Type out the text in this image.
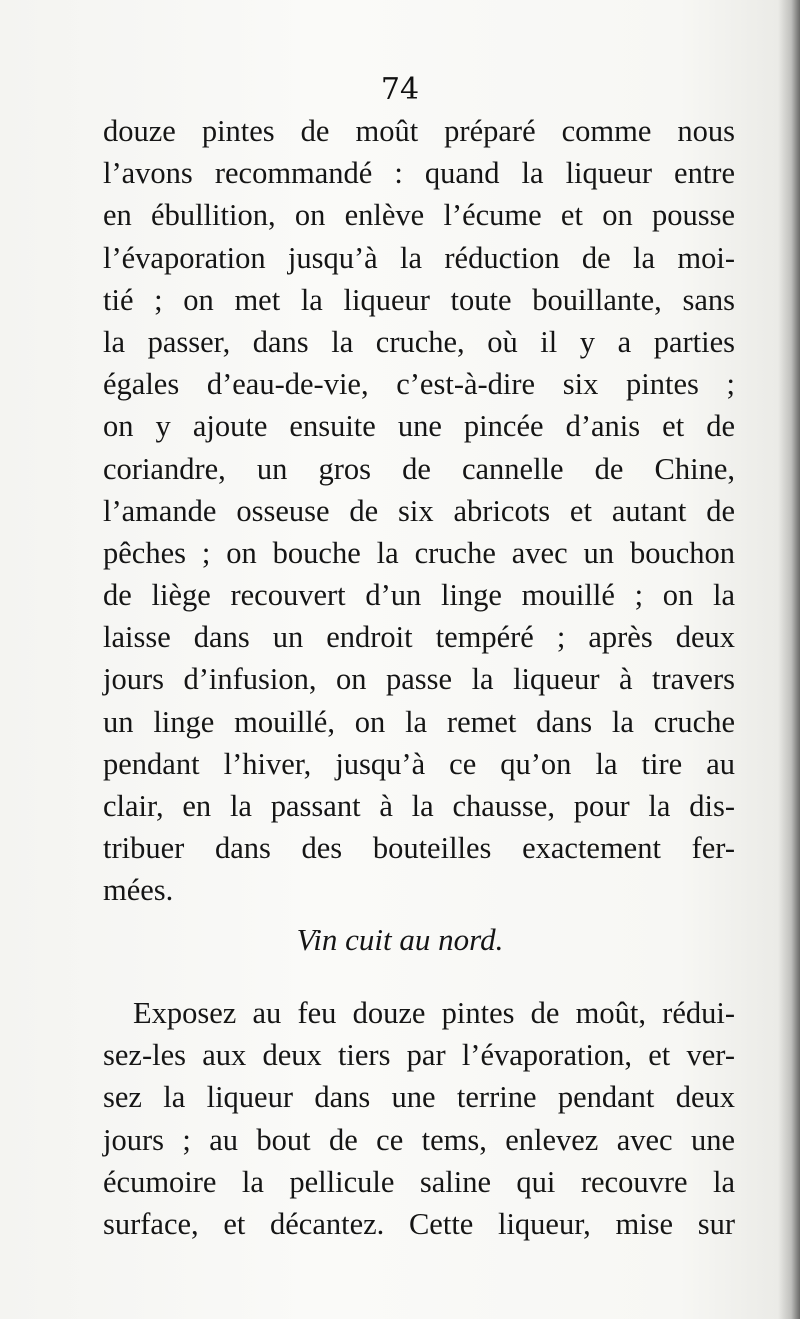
74
douze pintes de moût préparé comme nous
l’avons recommandé : quand la liqueur entre
en ébullition, on enlève l’écume et on pousse
l’évaporation jusqu’à la réduction de la moi-
tié ; on met la liqueur toute bouillante, sans
la passer, dans la cruche, où il y a parties
égales d’eau-de-vie, c’est-à-dire six pintes ;
on y ajoute ensuite une pincée d’anis et de
coriandre, un gros de cannelle de Chine,
l’amande osseuse de six abricots et autant de
pêches ; on bouche la cruche avec un bouchon
de liège recouvert d’un linge mouillé ; on la
laisse dans un endroit tempéré ; après deux
jours d’infusion, on passe la liqueur à travers
un linge mouillé, on la remet dans la cruche
pendant l’hiver, jusqu’à ce qu’on la tire au
clair, en la passant à la chausse, pour la dis-
tribuer dans des bouteilles exactement fer-
mées.
Vin cuit au nord.
Exposez au feu douze pintes de moût, rédui-
sez-les aux deux tiers par l’évaporation, et ver-
sez la liqueur dans une terrine pendant deux
jours ; au bout de ce tems, enlevez avec une
écumoire la pellicule saline qui recouvre la
surface, et décantez. Cette liqueur, mise sur
